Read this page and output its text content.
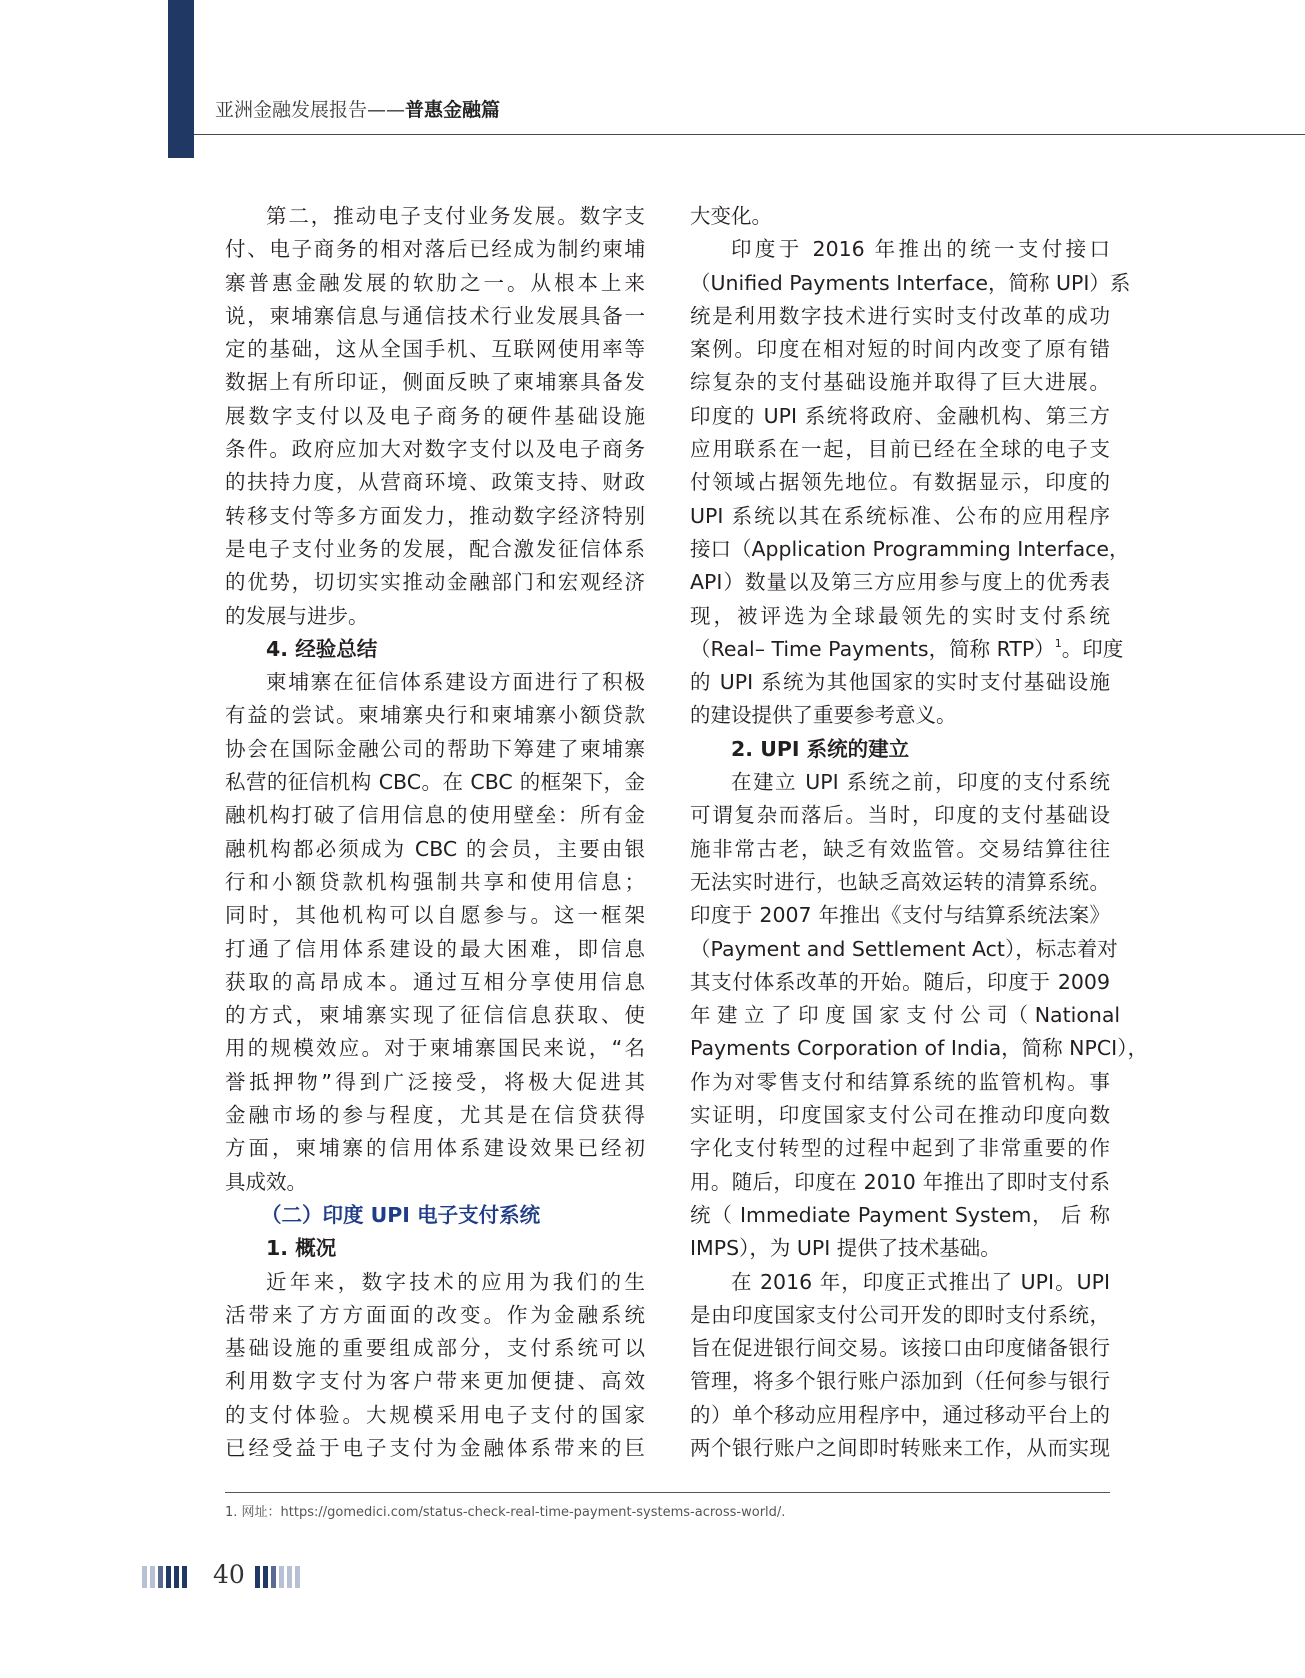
亚洲金融发展报告——普惠金融篇
第二，推动电子支付业务发展。数字支
付、电子商务的相对落后已经成为制约柬埔
寨普惠金融发展的软肋之一。从根本上来
说，柬埔寨信息与通信技术行业发展具备一
定的基础，这从全国手机、互联网使用率等
数据上有所印证，侧面反映了柬埔寨具备发
展数字支付以及电子商务的硬件基础设施
条件。政府应加大对数字支付以及电子商务
的扶持力度，从营商环境、政策支持、财政
转移支付等多方面发力，推动数字经济特别
是电子支付业务的发展，配合激发征信体系
的优势，切切实实推动金融部门和宏观经济
的发展与进步。
4. 经验总结
柬埔寨在征信体系建设方面进行了积极
有益的尝试。柬埔寨央行和柬埔寨小额贷款
协会在国际金融公司的帮助下筹建了柬埔寨
私营的征信机构 CBC。在 CBC 的框架下，金
融机构打破了信用信息的使用壁垒：所有金
融机构都必须成为 CBC 的会员，主要由银
行和小额贷款机构强制共享和使用信息；
同时，其他机构可以自愿参与。这一框架
打通了信用体系建设的最大困难，即信息
获取的高昂成本。通过互相分享使用信息
的方式，柬埔寨实现了征信信息获取、使
用的规模效应。对于柬埔寨国民来说，“名
誉抵押物”得到广泛接受，将极大促进其
金融市场的参与程度，尤其是在信贷获得
方面，柬埔寨的信用体系建设效果已经初
具成效。
（二）印度 UPI 电子支付系统
1. 概况
近年来，数字技术的应用为我们的生
活带来了方方面面的改变。作为金融系统
基础设施的重要组成部分，支付系统可以
利用数字支付为客户带来更加便捷、高效
的支付体验。大规模采用电子支付的国家
已经受益于电子支付为金融体系带来的巨
大变化。
印度于 2016 年推出的统一支付接口
（Unified Payments Interface，简称 UPI）系
统是利用数字技术进行实时支付改革的成功
案例。印度在相对短的时间内改变了原有错
综复杂的支付基础设施并取得了巨大进展。
印度的 UPI 系统将政府、金融机构、第三方
应用联系在一起，目前已经在全球的电子支
付领域占据领先地位。有数据显示，印度的
UPI 系统以其在系统标准、公布的应用程序
接口（Application Programming Interface，
API）数量以及第三方应用参与度上的优秀表
现，被评选为全球最领先的实时支付系统
（Real– Time Payments，简称 RTP）$^1$。印度
的 UPI 系统为其他国家的实时支付基础设施
的建设提供了重要参考意义。
2. UPI 系统的建立
在建立 UPI 系统之前，印度的支付系统
可谓复杂而落后。当时，印度的支付基础设
施非常古老，缺乏有效监管。交易结算往往
无法实时进行，也缺乏高效运转的清算系统。
印度于 2007 年推出《支付与结算系统法案》
（Payment and Settlement Act），标志着对
其支付体系改革的开始。随后，印度于 2009
年 建 立 了 印 度 国 家 支 付 公 司（ National
Payments Corporation of India，简称 NPCI），
作为对零售支付和结算系统的监管机构。事
实证明，印度国家支付公司在推动印度向数
字化支付转型的过程中起到了非常重要的作
用。随后，印度在 2010 年推出了即时支付系
统（ Immediate Payment System， 后 称
IMPS），为 UPI 提供了技术基础。
在 2016 年，印度正式推出了 UPI。UPI
是由印度国家支付公司开发的即时支付系统，
旨在促进银行间交易。该接口由印度储备银行
管理，将多个银行账户添加到（任何参与银行
的）单个移动应用程序中，通过移动平台上的
两个银行账户之间即时转账来工作，从而实现
1. 网址：https://gomedici.com/status-check-real-time-payment-systems-across-world/.
40
